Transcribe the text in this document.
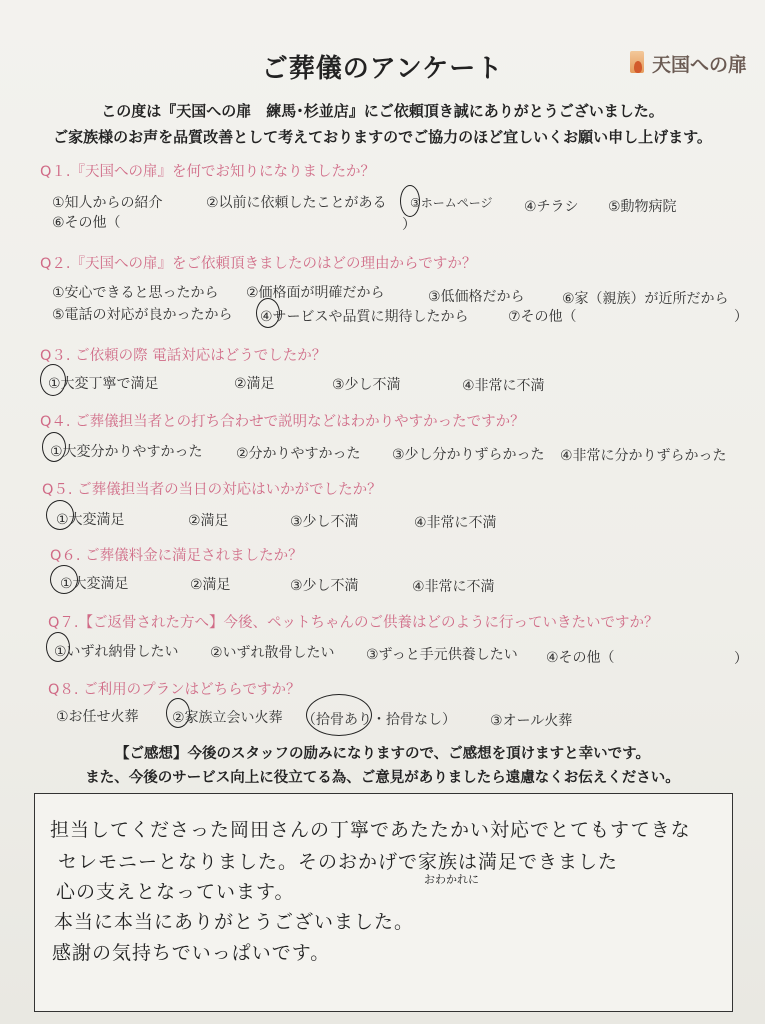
ご葬儀のアンケート	天国への扉
この度は『天国への扉　練馬･杉並店』にご依頼頂き誠にありがとうございました。
ご家族様のお声を品質改善として考えておりますのでご協力のほど宜しいくお願い申し上げます。
Q１.『天国への扉』を何でお知りになりましたか？
①知人からの紹介	②以前に依頼したことがある ③ホームページ ④チラシ ⑤動物病院
⑥その他（	）
Q２.『天国への扉』をご依頼頂きましたのはどの理由からですか？
①安心できると思ったから ②価格面が明確だから	③低価格だから	⑥家（親族）が近所だから
⑤電話の対応が良かったから ④サービスや品質に期待したから	⑦その他（	）
Q３. ご依頼の際 電話対応はどうでしたか？
①大変丁寧で満足	②満足	③少し不満	④非常に不満
Q４. ご葬儀担当者との打ち合わせで説明などはわかりやすかったですか？
①大変分かりやすかった ②分かりやすかった ③少し分かりずらかった ④非常に分かりずらかった
Q５. ご葬儀担当者の当日の対応はいかがでしたか？
①大変満足	②満足	③少し不満	④非常に不満
Q６. ご葬儀料金に満足されましたか？
①大変満足	②満足	③少し不満	④非常に不満
Q７.【ご返骨された方へ】今後、ペットちゃんのご供養はどのように行っていきたいですか？
①いずれ納骨したい ②いずれ散骨したい ③ずっと手元供養したい ④その他（	）
Q８. ご利用のプランはどちらですか？
①お任せ火葬 ②家族立会い火葬 （拾骨あり・拾骨なし） ③オール火葬
【ご感想】今後のスタッフの励みになりますので、ご感想を頂けますと幸いです。
また、今後のサービス向上に役立てる為、ご意見がありましたら遠慮なくお伝えください。
担当してくださった岡田さんの丁寧であたたかい対応でとてもすてきな
セレモニーとなりました。そのおかげで家族は満足できました
おわかれに
心の支えとなっています。
本当に本当にありがとうございました。
感謝の気持ちでいっぱいです。
